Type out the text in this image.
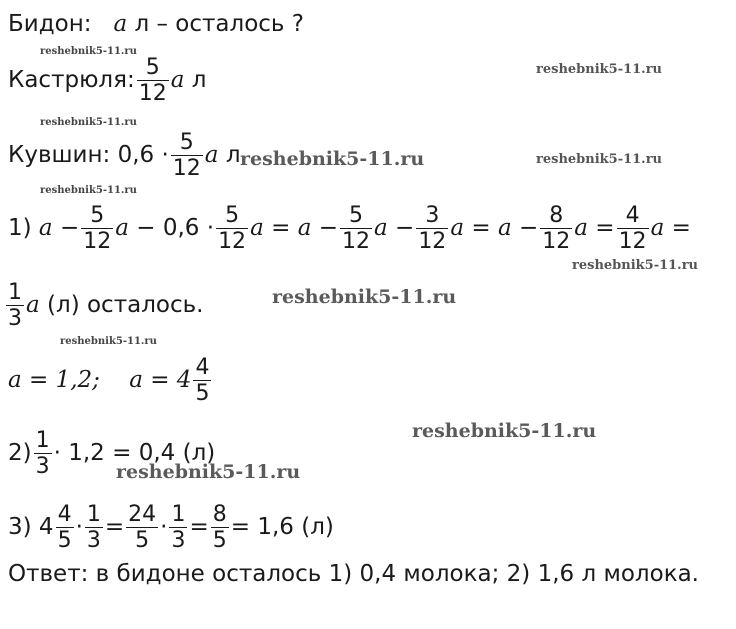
Бидон: a л – осталось ?
Кастрюля: $\frac{5}{12}$ a л
Кувшин: $0,6 \cdot \frac{5}{12}$ a л
1) $a - \frac{5}{12}$ $a - 0,6 \cdot \frac{5}{12}$ $a = a - \frac{5}{12}$ $a - \frac{3}{12}$ $a = a - \frac{8}{12}$ $a = \frac{4}{12}$ a =
$\frac{1}{3}$ a (л) осталось.
a = 1,2; $a = 4 \frac{4}{5}$
$2) \frac{1}{3} \cdot 1,2 = 0,4$ (л)
3) $4 \frac{4}{5} \cdot \frac{1}{3} = \frac{24}{5} \cdot \frac{1}{3} = \frac{8}{5} = 1,6$ (л)
Ответ: в бидоне осталось 1) 0,4 молока; 2) 1,6 л молока.
reshebnik5-11.ru
reshebnik5-11.ru
reshebnik5-11.ru
reshebnik5-11.ru	reshebnik5-11.ru
reshebnik5-11.ru
reshebnik5-11.ru
reshebnik5-11.ru
reshebnik5-11.ru
reshebnik5-11.ru
reshebnik5-11.ru
